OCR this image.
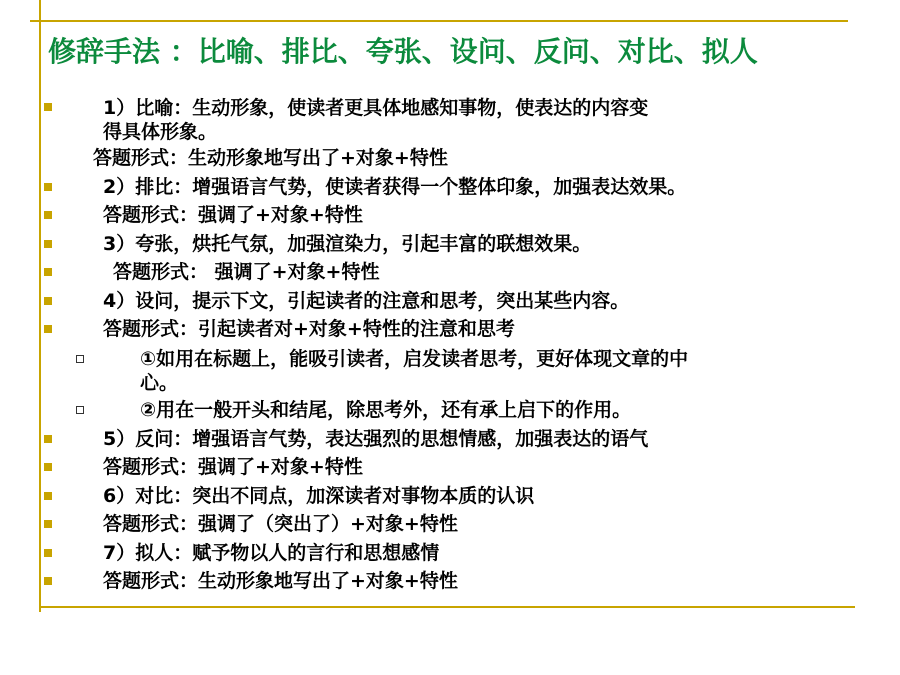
修辞手法 ：比喻、排比、夸张、设问、反问、对比、拟人
1）比喻：生动形象，使读者更具体地感知事物，使表达的内容变
得具体形象。
答题形式：生动形象地写出了+对象+特性
2）排比：增强语言气势，使读者获得一个整体印象，加强表达效果。
答题形式：强调了+对象+特性
3）夸张，烘托气氛，加强渲染力，引起丰富的联想效果。
答题形式： 强调了+对象+特性
4）设问，提示下文，引起读者的注意和思考，突出某些内容。
答题形式：引起读者对+对象+特性的注意和思考
①如用在标题上，能吸引读者，启发读者思考，更好体现文章的中
心。
②用在一般开头和结尾，除思考外，还有承上启下的作用。
5）反问：增强语言气势，表达强烈的思想情感，加强表达的语气
答题形式：强调了+对象+特性
6）对比：突出不同点，加深读者对事物本质的认识
答题形式：强调了（突出了）+对象+特性
7）拟人：赋予物以人的言行和思想感情
答题形式：生动形象地写出了+对象+特性
